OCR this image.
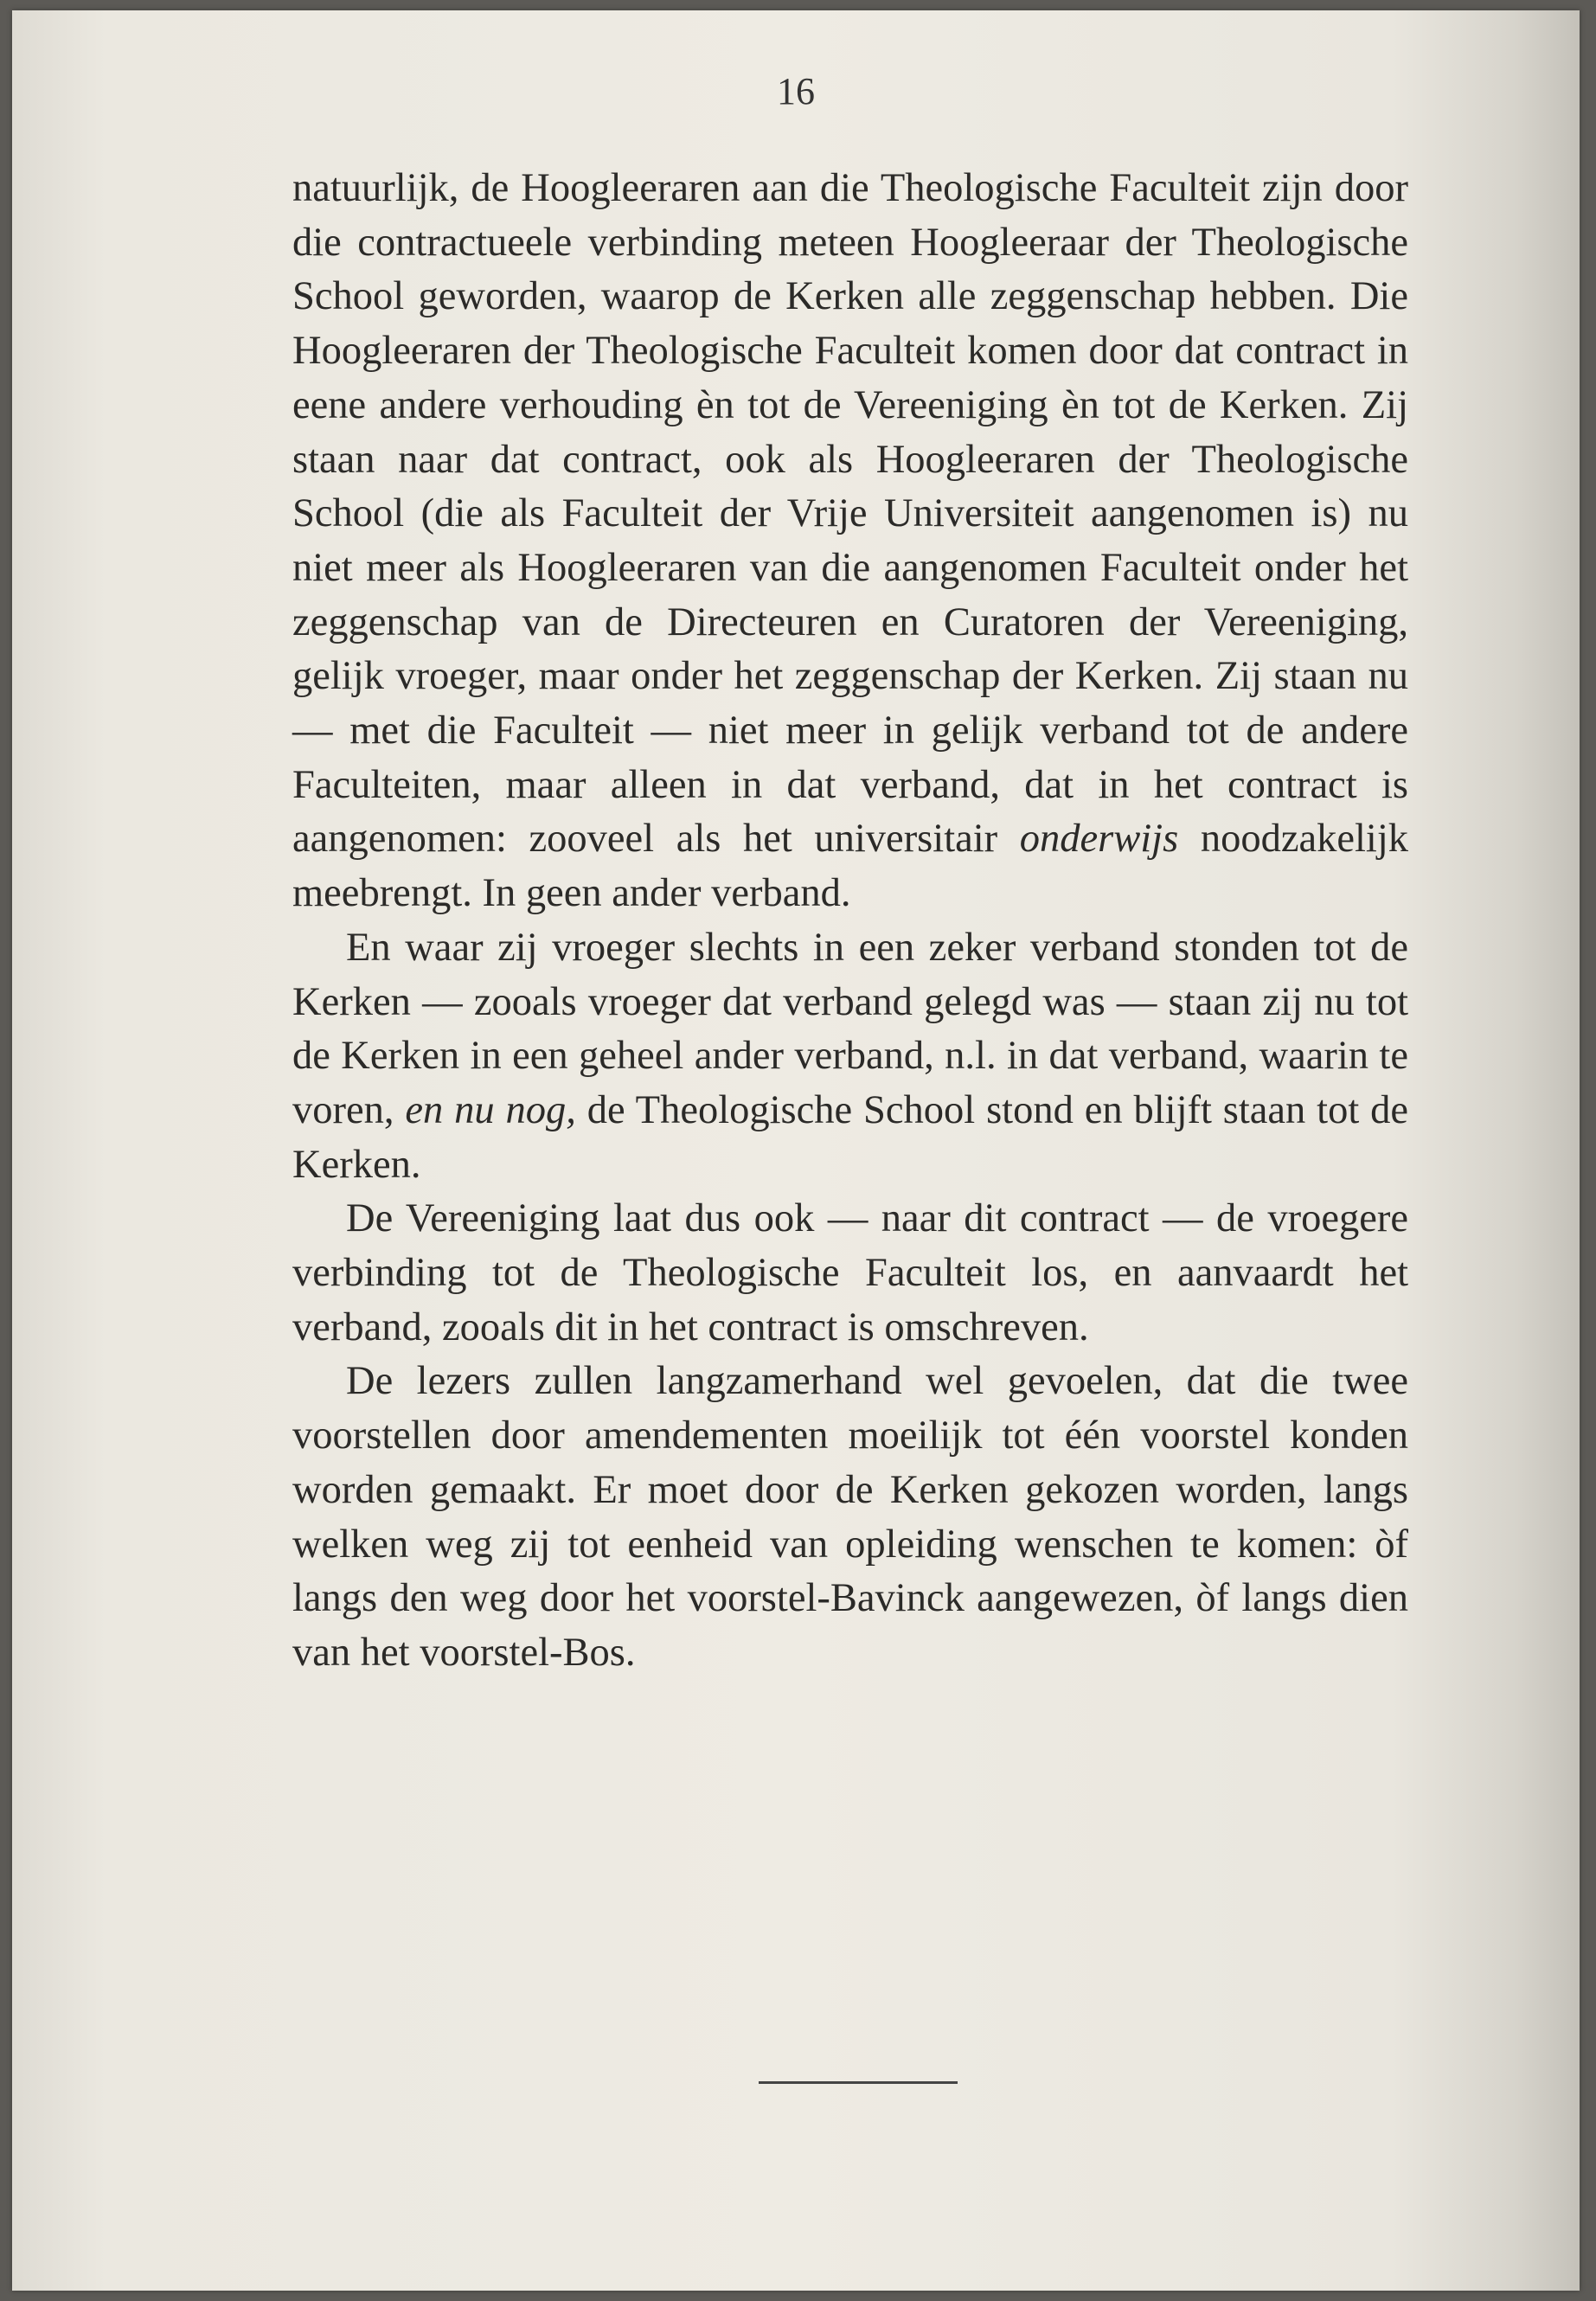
16

natuurlijk, de Hoogleeraren aan die Theologische Faculteit zijn door die contractueele verbinding meteen Hoogleeraar der Theologische School geworden, waarop de Kerken alle zeggenschap hebben. Die Hoogleeraren der Theologische Faculteit komen door dat contract in eene andere verhouding èn tot de Vereeniging èn tot de Kerken. Zij staan naar dat contract, ook als Hoogleeraren der Theologische School (die als Faculteit der Vrije Universiteit aangenomen is) nu niet meer als Hoogleeraren van die aangenomen Faculteit onder het zeggenschap van de Directeuren en Curatoren der Vereeniging, gelijk vroeger, maar onder het zeggenschap der Kerken. Zij staan nu — met die Faculteit — niet meer in gelijk verband tot de andere Faculteiten, maar alleen in dat verband, dat in het contract is aangenomen: zooveel als het universitair onderwijs noodzakelijk meebrengt. In geen ander verband.

En waar zij vroeger slechts in een zeker verband stonden tot de Kerken — zooals vroeger dat verband gelegd was — staan zij nu tot de Kerken in een geheel ander verband, n.l. in dat verband, waarin te voren, en nu nog, de Theologische School stond en blijft staan tot de Kerken.

De Vereeniging laat dus ook — naar dit contract — de vroegere verbinding tot de Theologische Faculteit los, en aanvaardt het verband, zooals dit in het contract is omschreven.

De lezers zullen langzamerhand wel gevoelen, dat die twee voorstellen door amendementen moeilijk tot één voorstel konden worden gemaakt. Er moet door de Kerken gekozen worden, langs welken weg zij tot eenheid van opleiding wenschen te komen: òf langs den weg door het voorstel-Bavinck aangewezen, òf langs dien van het voorstel-Bos.
